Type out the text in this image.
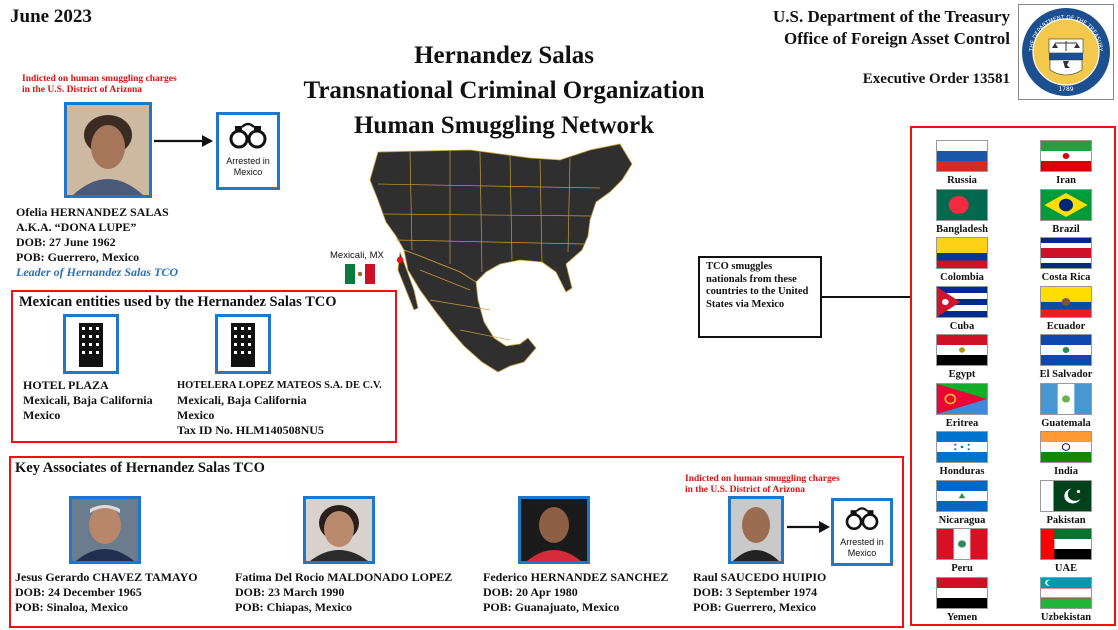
June 2023	U.S. Department of the Treasury
Office of Foreign Asset Control
Executive Order 13581
1789
THE DEPARTMENT OF THE TREASURY
Hernandez Salas
Transnational Criminal Organization
Human Smuggling Network
Indicted on human smuggling charges
in the U.S. District of Arizona
Arrested in
Mexico
Ofelia HERNANDEZ SALAS
A.K.A. “DONA LUPE”
DOB: 27 June 1962
POB: Guerrero, Mexico
Leader of Hernandez Salas TCO
Mexicali, MX
Mexican entities used by the Hernandez Salas TCO
HOTEL PLAZA
Mexicali, Baja California
Mexico
HOTELERA LOPEZ MATEOS S.A. DE C.V.
Mexicali, Baja California
Mexico
Tax ID No. HLM140508NU5
TCO smuggles nationals from these countries to the United States via Mexico
Key Associates of Hernandez Salas TCO
Jesus Gerardo CHAVEZ TAMAYO
DOB: 24 December 1965
POB: Sinaloa, Mexico
Fatima Del Rocio MALDONADO LOPEZ
DOB: 23 March 1990
POB: Chiapas, Mexico
Federico HERNANDEZ SANCHEZ
DOB: 20 Apr 1980
POB: Guanajuato, Mexico
Indicted on human smuggling charges
in the U.S. District of Arizona
Arrested in
Mexico
Raul SAUCEDO HUIPIO
DOB: 3 September 1974
POB: Guerrero, Mexico
Russia	Iran
Bangladesh	Brazil
Colombia	Costa Rica
Cuba	Ecuador
Egypt	El Salvador
Eritrea	Guatemala
Honduras	India
Nicaragua	Pakistan
Peru	UAE
Yemen	Uzbekistan
